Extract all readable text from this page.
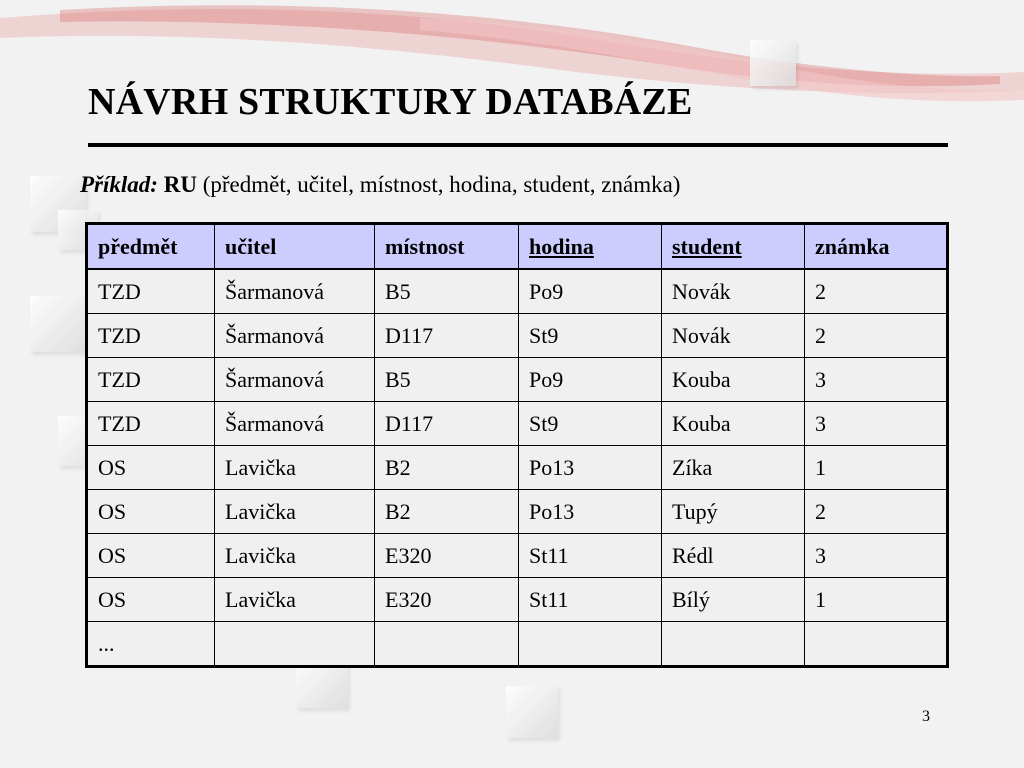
NÁVRH STRUKTURY DATABÁZE
Příklad: RU (předmět, učitel, místnost, hodina, student, známka)
předmět	učitel	místnost	hodina	student	známka
TZD	Šarmanová	B5	Po9	Novák	2
TZD	Šarmanová	D117	St9	Novák	2
TZD	Šarmanová	B5	Po9	Kouba	3
TZD	Šarmanová	D117	St9	Kouba	3
OS	Lavička	B2	Po13	Zíka	1
OS	Lavička	B2	Po13	Tupý	2
OS	Lavička	E320	St11	Rédl	3
OS	Lavička	E320	St11	Bílý	1
...					
3
